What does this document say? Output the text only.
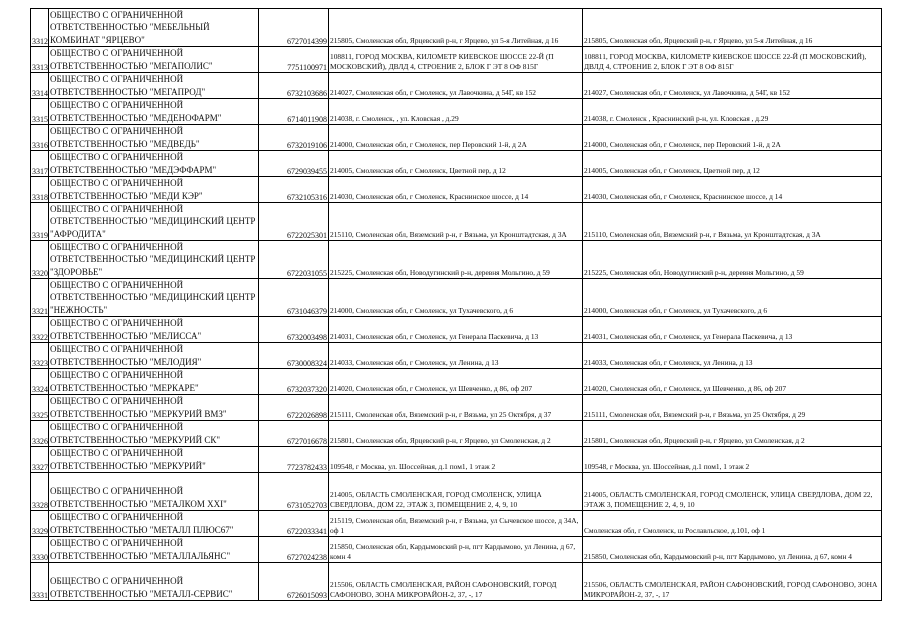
3312	ОБЩЕСТВО С ОГРАНИЧЕННОЙ ОТВЕТСТВЕННОСТЬЮ "МЕБЕЛЬНЫЙ КОМБИНАТ "ЯРЦЕВО"	6727014399	215805, Смоленская обл, Ярцевский р-н, г Ярцево, ул 5-я Литейная, д 16	215805, Смоленская обл, Ярцевский р-н, г Ярцево, ул 5-я Литейная, д 16
3313	ОБЩЕСТВО С ОГРАНИЧЕННОЙ ОТВЕТСТВЕННОСТЬЮ "МЕГАПОЛИС"	7751100971	108811, ГОРОД МОСКВА, КИЛОМЕТР КИЕВСКОЕ ШОССЕ 22-Й (П МОСКОВСКИЙ), ДВЛД 4, СТРОЕНИЕ 2, БЛОК Г ЭТ 8 ОФ 815Г	108811, ГОРОД МОСКВА, КИЛОМЕТР КИЕВСКОЕ ШОССЕ 22-Й (П МОСКОВСКИЙ), ДВЛД 4, СТРОЕНИЕ 2, БЛОК Г ЭТ 8 ОФ 815Г
3314	ОБЩЕСТВО С ОГРАНИЧЕННОЙ ОТВЕТСТВЕННОСТЬЮ "МЕГАПРОД"	6732103686	214027, Смоленская обл, г Смоленск, ул Лавочкина, д 54Г, кв 152	214027, Смоленская обл, г Смоленск, ул Лавочкина, д 54Г, кв 152
3315	ОБЩЕСТВО С ОГРАНИЧЕННОЙ ОТВЕТСТВЕННОСТЬЮ "МЕДЕНОФАРМ"	6714011908	214038, г. Смоленск, , ул. Кловская , д.29	214038, г. Смоленск , Краснинский р-н, ул. Кловская , д.29
3316	ОБЩЕСТВО С ОГРАНИЧЕННОЙ ОТВЕТСТВЕННОСТЬЮ "МЕДВЕДЬ"	6732019106	214000, Смоленская обл, г Смоленск, пер Перовский 1-й, д 2А	214000, Смоленская обл, г Смоленск, пер Перовский 1-й, д 2А
3317	ОБЩЕСТВО С ОГРАНИЧЕННОЙ ОТВЕТСТВЕННОСТЬЮ "МЕДЭФФАРМ"	6729039455	214005, Смоленская обл, г Смоленск, Цветной пер, д 12	214005, Смоленская обл, г Смоленск, Цветной пер, д 12
3318	ОБЩЕСТВО С ОГРАНИЧЕННОЙ ОТВЕТСТВЕННОСТЬЮ "МЕДИ КЭР"	6732105316	214030, Смоленская обл, г Смоленск, Краснинское шоссе, д 14	214030, Смоленская обл, г Смоленск, Краснинское шоссе, д 14
3319	ОБЩЕСТВО С ОГРАНИЧЕННОЙ ОТВЕТСТВЕННОСТЬЮ "МЕДИЦИНСКИЙ ЦЕНТР "АФРОДИТА"	6722025301	215110, Смоленская обл, Вяземский р-н, г Вязьма, ул Кронштадтская, д 3А	215110, Смоленская обл, Вяземский р-н, г Вязьма, ул Кронштадтская, д 3А
3320	ОБЩЕСТВО С ОГРАНИЧЕННОЙ ОТВЕТСТВЕННОСТЬЮ "МЕДИЦИНСКИЙ ЦЕНТР "ЗДОРОВЬЕ"	6722031055	215225, Смоленская обл, Новодугинский р-н, деревня Мольгино, д 59	215225, Смоленская обл, Новодугинский р-н, деревня Мольгино, д 59
3321	ОБЩЕСТВО С ОГРАНИЧЕННОЙ ОТВЕТСТВЕННОСТЬЮ "МЕДИЦИНСКИЙ ЦЕНТР "НЕЖНОСТЬ"	6731046379	214000, Смоленская обл, г Смоленск, ул Тухачевского, д 6	214000, Смоленская обл, г Смоленск, ул Тухачевского, д 6
3322	ОБЩЕСТВО С ОГРАНИЧЕННОЙ ОТВЕТСТВЕННОСТЬЮ "МЕЛИССА"	6732003498	214031, Смоленская обл, г Смоленск, ул Генерала Паскевича, д 13	214031, Смоленская обл, г Смоленск, ул Генерала Паскевича, д 13
3323	ОБЩЕСТВО С ОГРАНИЧЕННОЙ ОТВЕТСТВЕННОСТЬЮ "МЕЛОДИЯ"	6730008324	214033, Смоленская обл, г Смоленск, ул Ленина, д 13	214033, Смоленская обл, г Смоленск, ул Ленина, д 13
3324	ОБЩЕСТВО С ОГРАНИЧЕННОЙ ОТВЕТСТВЕННОСТЬЮ "МЕРКАРЕ"	6732037320	214020, Смоленская обл, г Смоленск, ул Шевченко, д 86, оф 207	214020, Смоленская обл, г Смоленск, ул Шевченко, д 86, оф 207
3325	ОБЩЕСТВО С ОГРАНИЧЕННОЙ ОТВЕТСТВЕННОСТЬЮ "МЕРКУРИЙ ВМЗ"	6722026898	215111, Смоленская обл, Вяземский р-н, г Вязьма, ул 25 Октября, д 37	215111, Смоленская обл, Вяземский р-н, г Вязьма, ул 25 Октября, д 29
3326	ОБЩЕСТВО С ОГРАНИЧЕННОЙ ОТВЕТСТВЕННОСТЬЮ "МЕРКУРИЙ СК"	6727016678	215801, Смоленская обл, Ярцевский р-н, г Ярцево, ул Смоленская, д 2	215801, Смоленская обл, Ярцевский р-н, г Ярцево, ул Смоленская, д 2
3327	ОБЩЕСТВО С ОГРАНИЧЕННОЙ ОТВЕТСТВЕННОСТЬЮ "МЕРКУРИЙ"	7723782433	109548, г Москва, ул. Шоссейная, д.1 пом1, 1 этаж 2	109548, г Москва, ул. Шоссейная, д.1 пом1, 1 этаж 2
3328	ОБЩЕСТВО С ОГРАНИЧЕННОЙ ОТВЕТСТВЕННОСТЬЮ "МЕТАЛКОМ XXI"	6731052703	214005, ОБЛАСТЬ СМОЛЕНСКАЯ, ГОРОД СМОЛЕНСК, УЛИЦА СВЕРДЛОВА, ДОМ 22, ЭТАЖ 3, ПОМЕЩЕНИЕ 2, 4, 9, 10	214005, ОБЛАСТЬ СМОЛЕНСКАЯ, ГОРОД СМОЛЕНСК, УЛИЦА СВЕРДЛОВА, ДОМ 22, ЭТАЖ 3, ПОМЕЩЕНИЕ 2, 4, 9, 10
3329	ОБЩЕСТВО С ОГРАНИЧЕННОЙ ОТВЕТСТВЕННОСТЬЮ "МЕТАЛЛ ПЛЮС67"	6722033341	215119, Смоленская обл, Вяземский р-н, г Вязьма, ул Сычевское шоссе, д 34А, оф 1	Смоленская обл, г Смоленск, ш Рославльское, д.101, оф 1
3330	ОБЩЕСТВО С ОГРАНИЧЕННОЙ ОТВЕТСТВЕННОСТЬЮ "МЕТАЛЛАЛЬЯНС"	6727024238	215850, Смоленская обл, Кардымовский р-н, пгт Кардымово, ул Ленина, д 67, комн 4	215850, Смоленская обл, Кардымовский р-н, пгт Кардымово, ул Ленина, д 67, комн 4
3331	ОБЩЕСТВО С ОГРАНИЧЕННОЙ ОТВЕТСТВЕННОСТЬЮ "МЕТАЛЛ-СЕРВИС"	6726015093	215506, ОБЛАСТЬ СМОЛЕНСКАЯ, РАЙОН САФОНОВСКИЙ, ГОРОД САФОНОВО, ЗОНА МИКРОРАЙОН-2, 37, -, 17	215506, ОБЛАСТЬ СМОЛЕНСКАЯ, РАЙОН САФОНОВСКИЙ, ГОРОД САФОНОВО, ЗОНА МИКРОРАЙОН-2, 37, -, 17
